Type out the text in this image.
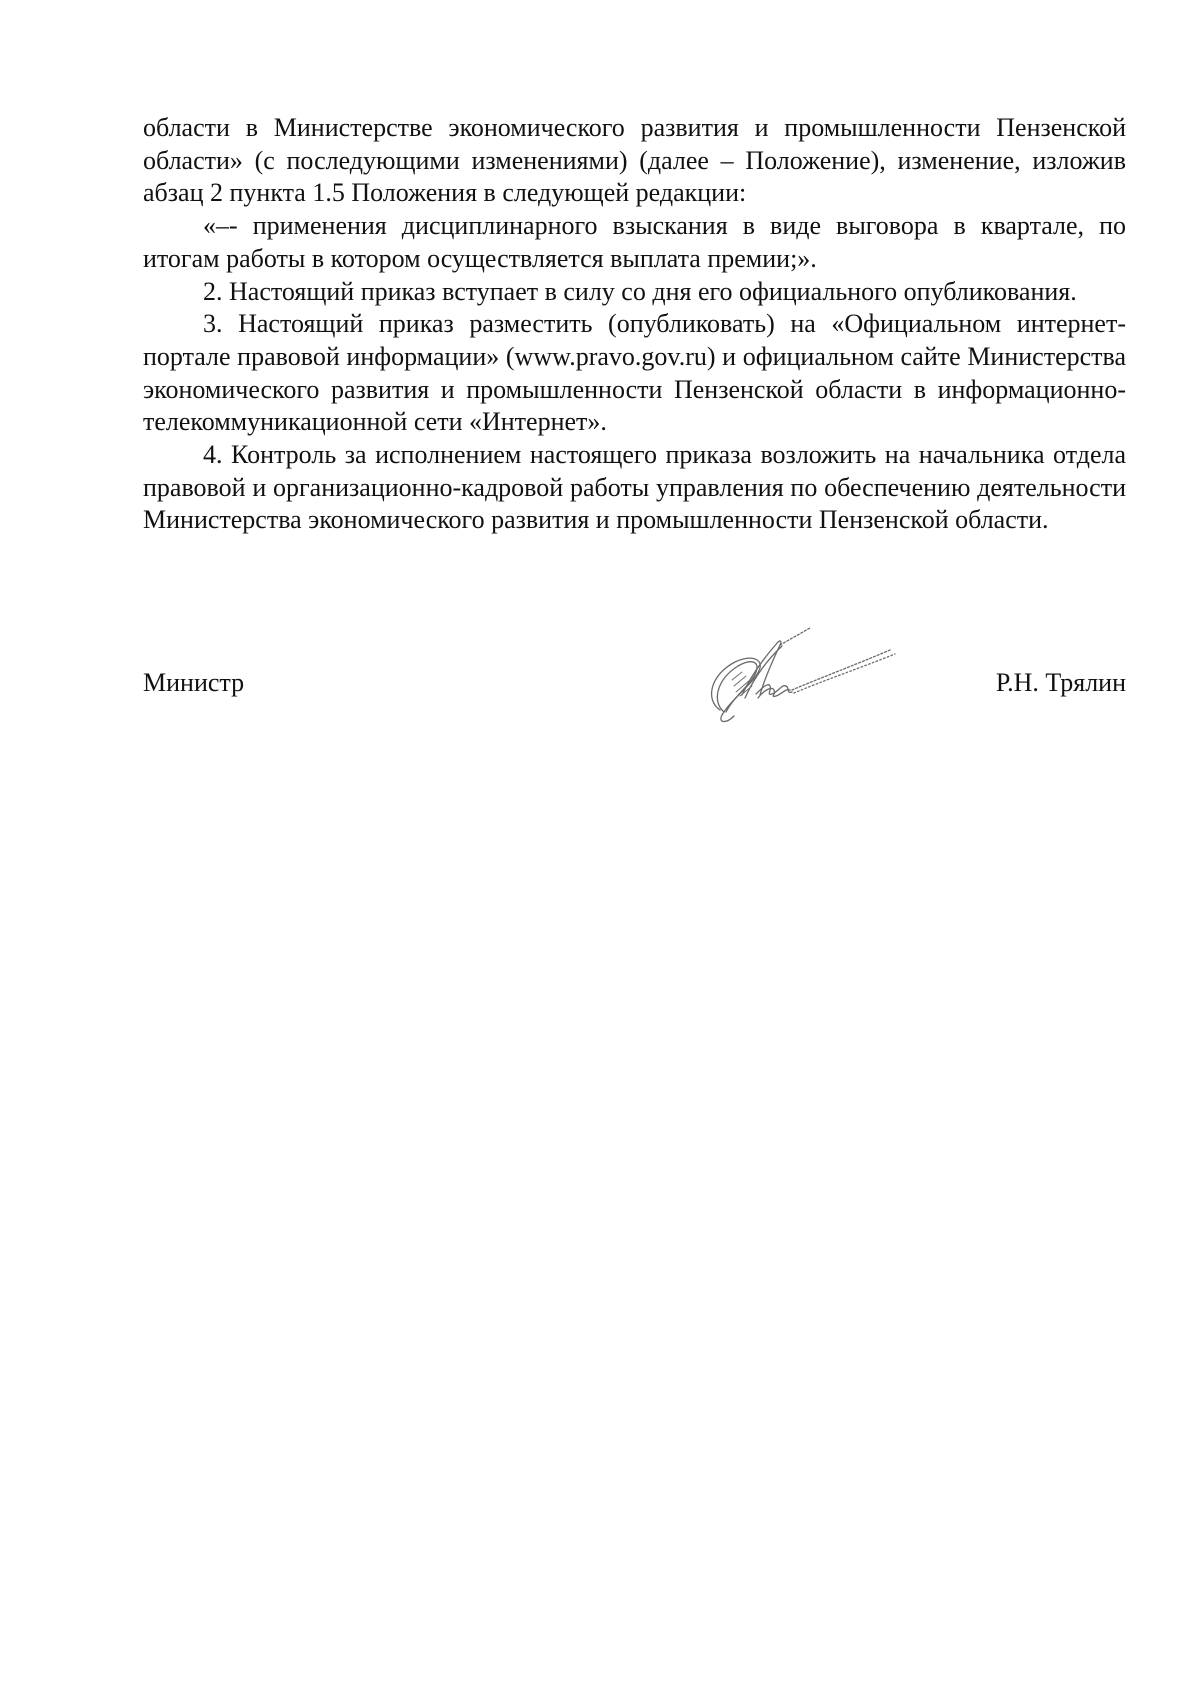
области в Министерстве экономического развития и промышленности Пензенской области» (с последующими изменениями) (далее – Положение), изменение, изложив абзац 2 пункта 1.5 Положения в следующей редакции:

«–- применения дисциплинарного взыскания в виде выговора в квартале, по итогам работы в котором осуществляется выплата премии;».

2. Настоящий приказ вступает в силу со дня его официального опубликования.

3. Настоящий приказ разместить (опубликовать) на «Официальном интернет-портале правовой информации» (www.pravo.gov.ru) и официальном сайте Министерства экономического развития и промышленности Пензенской области в информационно-телекоммуникационной сети «Интернет».

4. Контроль за исполнением настоящего приказа возложить на начальника отдела правовой и организационно-кадровой работы управления по обеспечению деятельности Министерства экономического развития и промышленности Пензенской области.

Министр	Р.Н. Трялин
